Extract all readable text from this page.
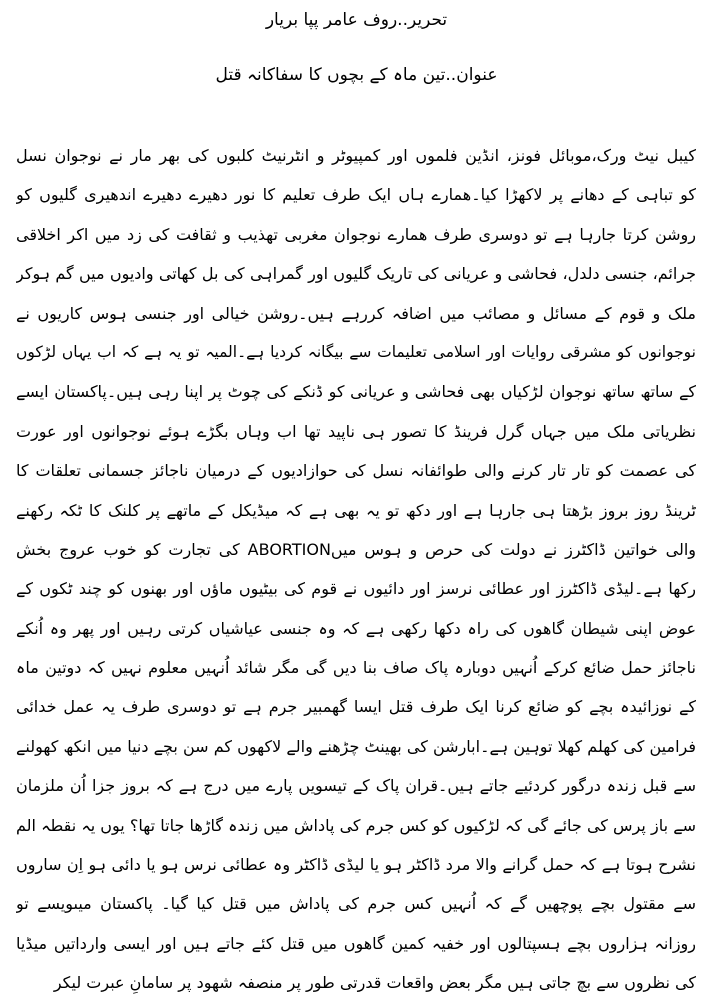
تحریر..روف عامر پپا بریار
عنوان..تین ماہ کے بچوں کا سفاکانہ قتل
کیبل نیٹ ورک،موبائل فونز، انڈین فلموں اور کمپیوٹر و انٹرنیٹ کلبوں کی بھر مار نے نوجوان نسل
کو تباہی کے دھانے پر لاکھڑا کیا۔ھمارے ہاں ایک طرف تعلیم کا نور دھیرے دھیرے اندھیری گلیوں کو
روشن کرتا جارہا ہے تو دوسری طرف ھمارے نوجوان مغربی تھذیب و ثقافت کی زد میں اکر اخلاقی
جرائم، جنسی دلدل، فحاشی و عریانی کی تاریک گلیوں اور گمراہی کی بل کھاتی وادیوں میں گم ہوکر
ملک و قوم کے مسائل و مصائب میں اضافہ کررہے ہیں۔روشن خیالی اور جنسی ہوس کاریوں نے
نوجوانوں کو مشرقی روایات اور اسلامی تعلیمات سے بیگانہ کردیا ہے۔المیہ تو یہ ہے کہ اب یہاں لڑکوں
کے ساتھ ساتھ نوجوان لڑکیاں بھی فحاشی و عریانی کو ڈنکے کی چوٹ پر اپنا رہی ہیں۔پاکستان ایسے
نظریاتی ملک میں جہاں گرل فرینڈ کا تصور ہی ناپید تھا اب وہاں بگڑے ہوئے نوجوانوں اور عورت
کی عصمت کو تار تار کرنے والی طوائفانہ نسل کی حوازادیوں کے درمیان ناجائز جسمانی تعلقات کا
ٹرینڈ روز بروز بڑھتا ہی جارہا ہے اور دکھ تو یہ بھی ہے کہ میڈیکل کے ماتھے پر کلنک کا ٹکہ رکھنے
والی خواتین ڈاکٹرز نے دولت کی حرص و ہوس میںABORTION کی تجارت کو خوب عروج بخش
رکھا ہے۔لیڈی ڈاکٹرز اور عطائی نرسز اور دائیوں نے قوم کی بیٹیوں ماؤں اور بھنوں کو چند ٹکوں کے
عوض اپنی شیطان گاھوں کی راہ دکھا رکھی ہے کہ وہ جنسی عیاشیاں کرتی رہیں اور پھر وہ اُنکے
ناجائز حمل ضائع کرکے اُنہیں دوبارہ پاک صاف بنا دیں گی مگر شائد اُنہیں معلوم نہیں کہ دوتین ماہ
کے نوزائیدہ بچے کو ضائع کرنا ایک طرف قتل ایسا گھمبیر جرم ہے تو دوسری طرف یہ عمل خدائی
فرامین کی کھلم کھلا توہین ہے۔ابارشن کی بھینٹ چڑھنے والے لاکھوں کم سن بچے دنیا میں انکھ کھولنے
سے قبل زندہ درگور کردئیے جاتے ہیں۔قران پاک کے تیسویں پارے میں درج ہے کہ بروز جزا اُن ملزمان
سے باز پرس کی جائے گی کہ لڑکیوں کو کس جرم کی پاداش میں زندہ گاڑھا جاتا تھا؟ یوں یہ نقطہ الم
نشرح ہوتا ہے کہ حمل گرانے والا مرد ڈاکٹر ہو یا لیڈی ڈاکٹر وہ عطائی نرس ہو یا دائی ہو اِن ساروں
سے مقتول بچے پوچھیں گے کہ اُنہیں کس جرم کی پاداش میں قتل کیا گیا۔ پاکستان میںویسے تو
روزانہ ہزاروں بچے ہسپتالوں اور خفیہ کمین گاھوں میں قتل کئے جاتے ہیں اور ایسی وارداتیں میڈیا
کی نظروں سے بچ جاتی ہیں مگر بعض واقعات قدرتی طور پر منصفہ شھود پر سامانِ عبرت لیکر
